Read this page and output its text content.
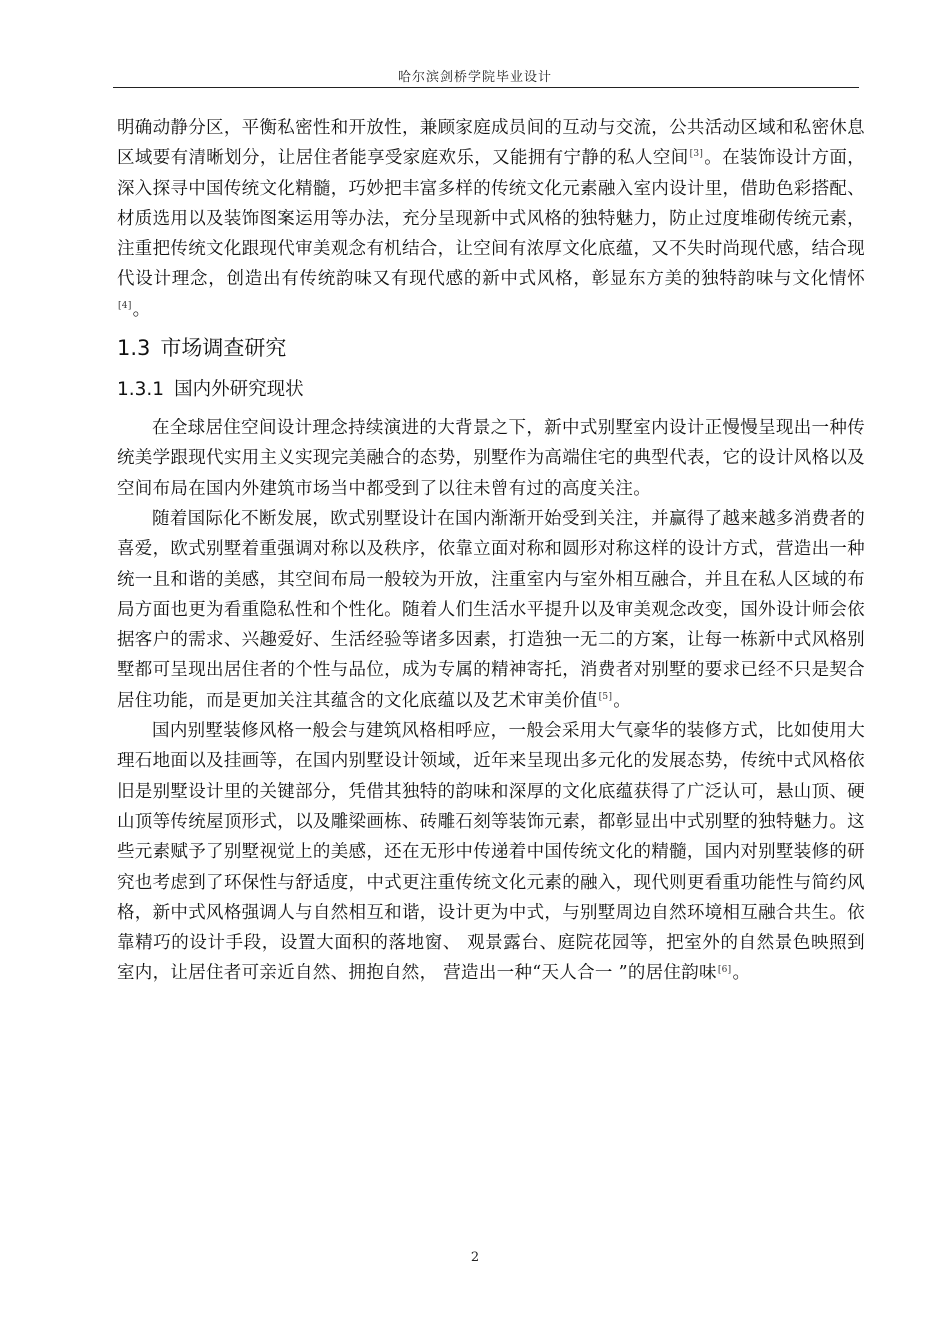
哈尔滨剑桥学院毕业设计

明确动静分区，平衡私密性和开放性，兼顾家庭成员间的互动与交流，公共活动区域和私密休息区域要有清晰划分，让居住者能享受家庭欢乐，又能拥有宁静的私人空间[3]。在装饰设计方面，深入探寻中国传统文化精髓，巧妙把丰富多样的传统文化元素融入室内设计里，借助色彩搭配、材质选用以及装饰图案运用等办法，充分呈现新中式风格的独特魅力，防止过度堆砌传统元素，注重把传统文化跟现代审美观念有机结合，让空间有浓厚文化底蕴，又不失时尚现代感，结合现代设计理念，创造出有传统韵味又有现代感的新中式风格，彰显东方美的独特韵味与文化情怀[4]。

1.3 市场调查研究
1.3.1 国内外研究现状

在全球居住空间设计理念持续演进的大背景之下，新中式别墅室内设计正慢慢呈现出一种传统美学跟现代实用主义实现完美融合的态势，别墅作为高端住宅的典型代表，它的设计风格以及空间布局在国内外建筑市场当中都受到了以往未曾有过的高度关注。

随着国际化不断发展，欧式别墅设计在国内渐渐开始受到关注，并赢得了越来越多消费者的喜爱，欧式别墅着重强调对称以及秩序，依靠立面对称和圆形对称这样的设计方式，营造出一种统一且和谐的美感，其空间布局一般较为开放，注重室内与室外相互融合，并且在私人区域的布局方面也更为看重隐私性和个性化。随着人们生活水平提升以及审美观念改变，国外设计师会依据客户的需求、兴趣爱好、生活经验等诸多因素，打造独一无二的方案，让每一栋新中式风格别墅都可呈现出居住者的个性与品位，成为专属的精神寄托，消费者对别墅的要求已经不只是契合居住功能，而是更加关注其蕴含的文化底蕴以及艺术审美价值[5]。

国内别墅装修风格一般会与建筑风格相呼应，一般会采用大气豪华的装修方式，比如使用大理石地面以及挂画等，在国内别墅设计领域，近年来呈现出多元化的发展态势，传统中式风格依旧是别墅设计里的关键部分，凭借其独特的韵味和深厚的文化底蕴获得了广泛认可，悬山顶、硬山顶等传统屋顶形式，以及雕梁画栋、砖雕石刻等装饰元素，都彰显出中式别墅的独特魅力。这些元素赋予了别墅视觉上的美感，还在无形中传递着中国传统文化的精髓，国内对别墅装修的研究也考虑到了环保性与舒适度，中式更注重传统文化元素的融入，现代则更看重功能性与简约风格，新中式风格强调人与自然相互和谐，设计更为中式，与别墅周边自然环境相互融合共生。依靠精巧的设计手段，设置大面积的落地窗、 观景露台、庭院花园等，把室外的自然景色映照到室内，让居住者可亲近自然、拥抱自然， 营造出一种“天人合一 ”的居住韵味[6]。

2
